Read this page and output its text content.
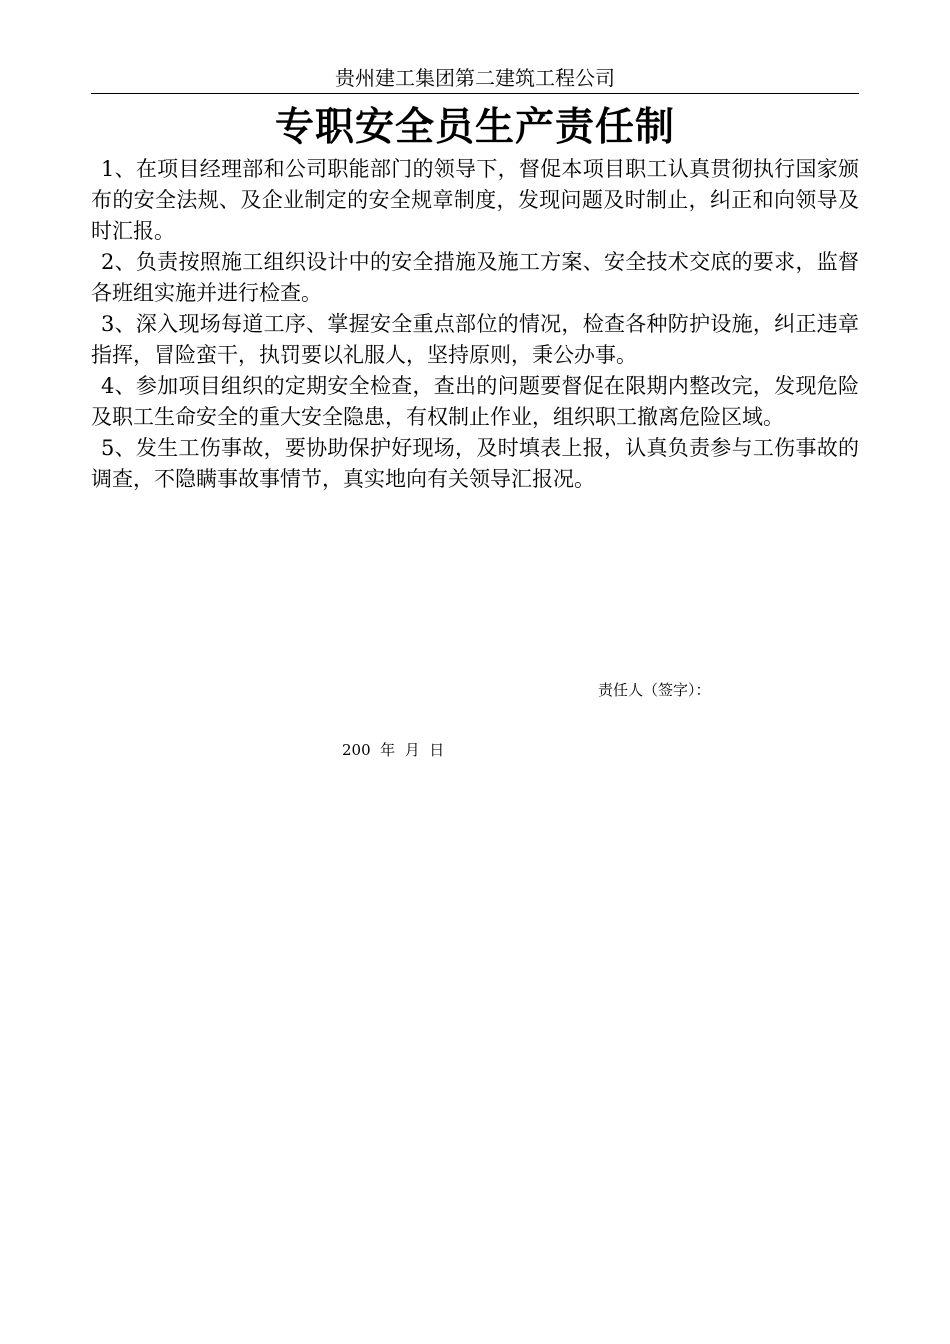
贵州建工集团第二建筑工程公司
专职安全员生产责任制

1、在项目经理部和公司职能部门的领导下，督促本项目职工认真贯彻执行国家颁布的安全法规、及企业制定的安全规章制度，发现问题及时制止，纠正和向领导及时汇报。

2、负责按照施工组织设计中的安全措施及施工方案、安全技术交底的要求，监督各班组实施并进行检查。

3、深入现场每道工序、掌握安全重点部位的情况，检查各种防护设施，纠正违章指挥，冒险蛮干，执罚要以礼服人，坚持原则，秉公办事。

4、参加项目组织的定期安全检查，查出的问题要督促在限期内整改完，发现危险及职工生命安全的重大安全隐患，有权制止作业，组织职工撤离危险区域。

5、发生工伤事故，要协助保护好现场，及时填表上报，认真负责参与工伤事故的调查，不隐瞒事故事情节，真实地向有关领导汇报况。

责任人（签字）：
200  年  月  日
